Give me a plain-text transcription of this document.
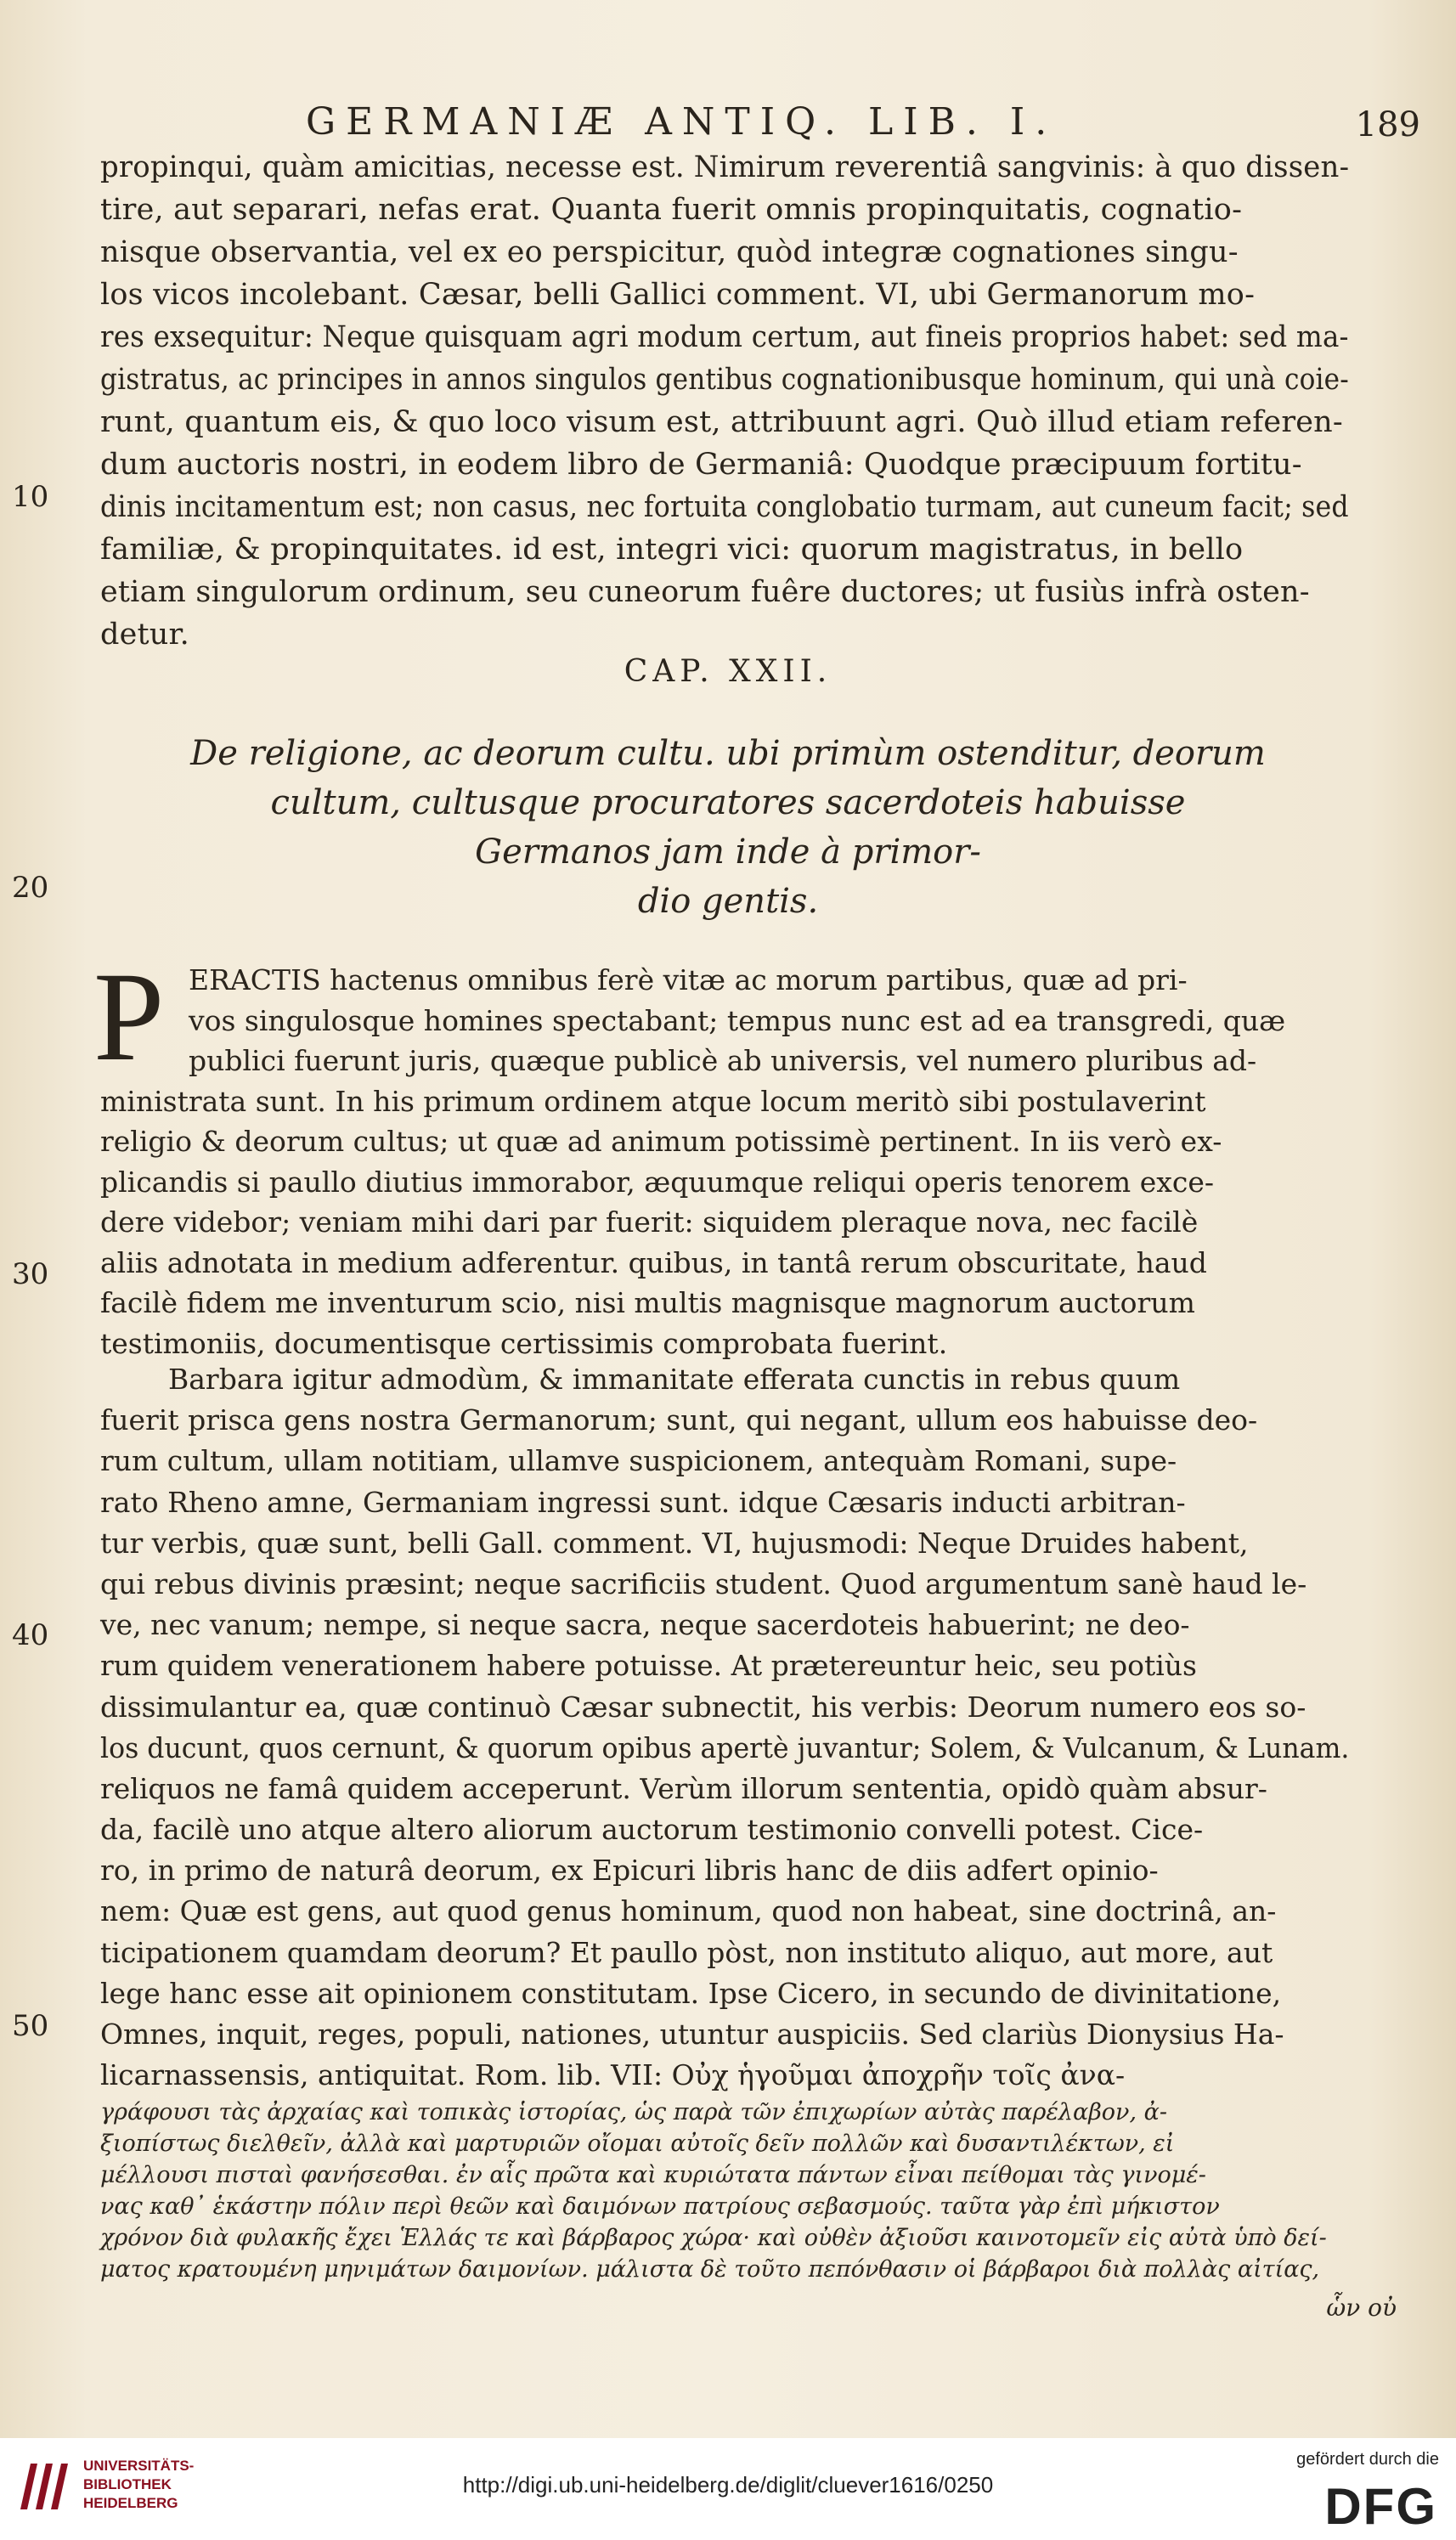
GERMANIÆ ANTIQ. LIB. I.	189
10
20
30
40
50
propinqui, quàm amicitias, necesse est. Nimirum reverentiâ sangvinis: à quo dissen-
tire, aut separari, nefas erat. Quanta fuerit omnis propinquitatis, cognatio-
nisque observantia, vel ex eo perspicitur, quòd integræ cognationes singu-
los vicos incolebant. Cæsar, belli Gallici comment. VI, ubi Germanorum mo-
res exsequitur: Neque quisquam agri modum certum, aut fineis proprios habet: sed ma-
gistratus, ac principes in annos singulos gentibus cognationibusque hominum, qui unà coie-
runt, quantum eis, & quo loco visum est, attribuunt agri. Quò illud etiam referen-
dum auctoris nostri, in eodem libro de Germaniâ: Quodque præcipuum fortitu-
dinis incitamentum est; non casus, nec fortuita conglobatio turmam, aut cuneum facit; sed
familiæ, & propinquitates. id est, integri vici: quorum magistratus, in bello
etiam singulorum ordinum, seu cuneorum fuêre ductores; ut fusiùs infrà osten-
detur.
CAP. XXII.
De religione, ac deorum cultu. ubi primùm ostenditur, deorum
cultum, cultusque procuratores sacerdoteis habuisse
Germanos jam inde à primor-
dio gentis.
P ERACTIS hactenus omnibus ferè vitæ ac morum partibus, quæ ad pri-
vos singulosque homines spectabant; tempus nunc est ad ea transgredi, quæ
publici fuerunt juris, quæque publicè ab universis, vel numero pluribus ad-
ministrata sunt. In his primum ordinem atque locum meritò sibi postulaverint
religio & deorum cultus; ut quæ ad animum potissimè pertinent. In iis verò ex-
plicandis si paullo diutius immorabor, æquumque reliqui operis tenorem exce-
dere videbor; veniam mihi dari par fuerit: siquidem pleraque nova, nec facilè
aliis adnotata in medium adferentur. quibus, in tantâ rerum obscuritate, haud
facilè fidem me inventurum scio, nisi multis magnisque magnorum auctorum
testimoniis, documentisque certissimis comprobata fuerint.
Barbara igitur admodùm, & immanitate efferata cunctis in rebus quum
fuerit prisca gens nostra Germanorum; sunt, qui negant, ullum eos habuisse deo-
rum cultum, ullam notitiam, ullamve suspicionem, antequàm Romani, supe-
rato Rheno amne, Germaniam ingressi sunt. idque Cæsaris inducti arbitran-
tur verbis, quæ sunt, belli Gall. comment. VI, hujusmodi: Neque Druides habent,
qui rebus divinis præsint; neque sacrificiis student. Quod argumentum sanè haud le-
ve, nec vanum; nempe, si neque sacra, neque sacerdoteis habuerint; ne deo-
rum quidem venerationem habere potuisse. At prætereuntur heic, seu potiùs
dissimulantur ea, quæ continuò Cæsar subnectit, his verbis: Deorum numero eos so-
los ducunt, quos cernunt, & quorum opibus apertè juvantur; Solem, & Vulcanum, & Lunam.
reliquos ne famâ quidem acceperunt. Verùm illorum sententia, opidò quàm absur-
da, facilè uno atque altero aliorum auctorum testimonio convelli potest. Cice-
ro, in primo de naturâ deorum, ex Epicuri libris hanc de diis adfert opinio-
nem: Quæ est gens, aut quod genus hominum, quod non habeat, sine doctrinâ, an-
ticipationem quamdam deorum? Et paullo pòst, non instituto aliquo, aut more, aut
lege hanc esse ait opinionem constitutam. Ipse Cicero, in secundo de divinitatione,
Omnes, inquit, reges, populi, nationes, utuntur auspiciis. Sed clariùs Dionysius Ha-
licarnassensis, antiquitat. Rom. lib. VII: Οὐχ ἡγοῦμαι ἀποχρῆν τοῖς ἀνα-
γράφουσι τὰς ἀρχαίας καὶ τοπικὰς ἱστορίας, ὡς παρὰ τῶν ἐπιχωρίων αὐτὰς παρέλαβον, ἀ-
ξιοπίστως διελθεῖν, ἀλλὰ καὶ μαρτυριῶν οἴομαι αὐτοῖς δεῖν πολλῶν καὶ δυσαντιλέκτων, εἰ
μέλλουσι πισταὶ φανήσεσθαι. ἐν αἷς πρῶτα καὶ κυριώτατα πάντων εἶναι πείθομαι τὰς γινομέ-
νας καθ᾿ ἑκάστην πόλιν περὶ θεῶν καὶ δαιμόνων πατρίους σεβασμούς. ταῦτα γὰρ ἐπὶ μήκιστον
χρόνον διὰ φυλακῆς ἔχει Ἑλλάς τε καὶ βάρβαρος χώρα· καὶ οὐθὲν ἀξιοῦσι καινοτομεῖν εἰς αὐτὰ ὑπὸ δεί-
ματος κρατουμένη μηνιμάτων δαιμονίων. μάλιστα δὲ τοῦτο πεπόνθασιν οἱ βάρβαροι διὰ πολλὰς αἰτίας,
ὧν οὐ
UNIVERSITÄTS-
BIBLIOTHEK
HEIDELBERG
http://digi.ub.uni-heidelberg.de/diglit/cluever1616/0250
gefördert durch die
DFG
